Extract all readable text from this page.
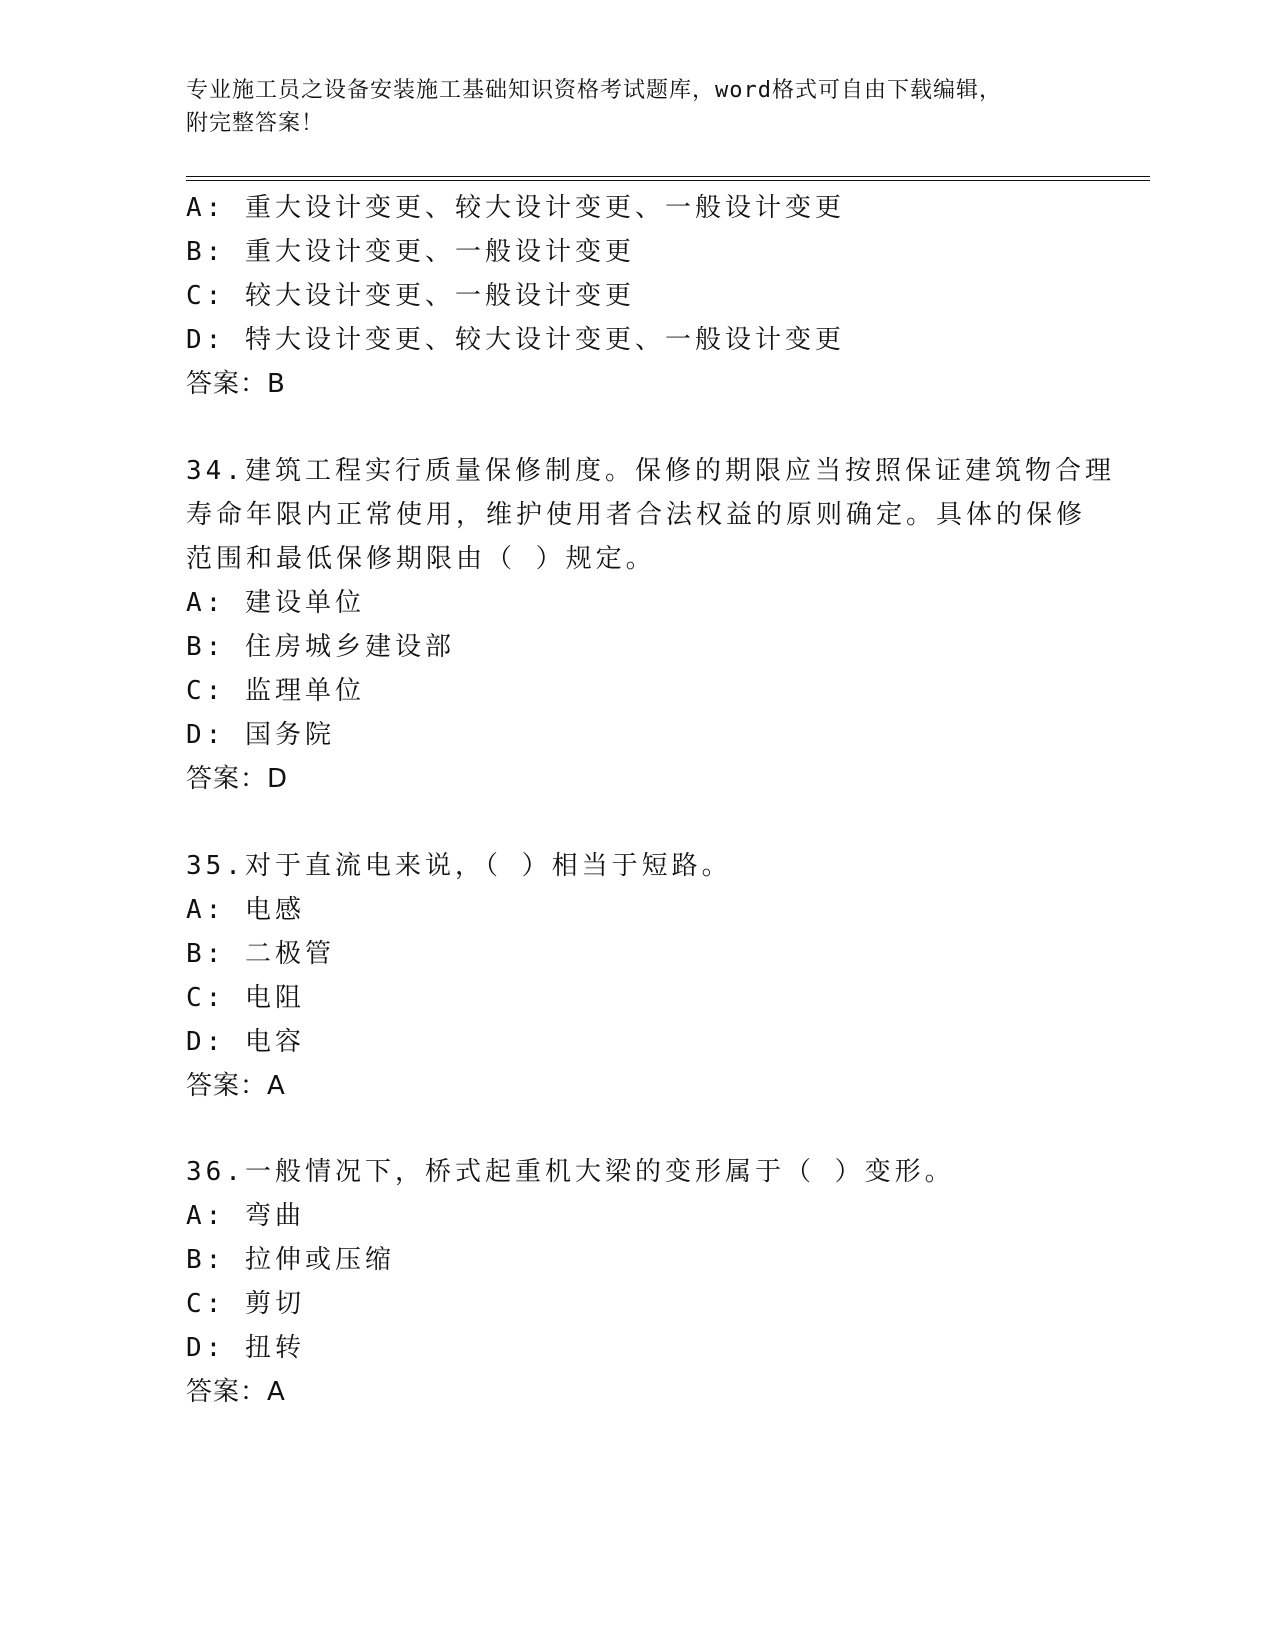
专业施工员之设备安装施工基础知识资格考试题库，word格式可自由下载编辑，
附完整答案！
A: 重大设计变更、较大设计变更、一般设计变更
B: 重大设计变更、一般设计变更
C: 较大设计变更、一般设计变更
D: 特大设计变更、较大设计变更、一般设计变更
答案：B
34.建筑工程实行质量保修制度。保修的期限应当按照保证建筑物合理
寿命年限内正常使用，维护使用者合法权益的原则确定。具体的保修
范围和最低保修期限由（ ）规定。
A: 建设单位
B: 住房城乡建设部
C: 监理单位
D: 国务院
答案：D
35.对于直流电来说，（ ）相当于短路。
A: 电感
B: 二极管
C: 电阻
D: 电容
答案：A
36.一般情况下，桥式起重机大梁的变形属于（ ）变形。
A: 弯曲
B: 拉伸或压缩
C: 剪切
D: 扭转
答案：A
